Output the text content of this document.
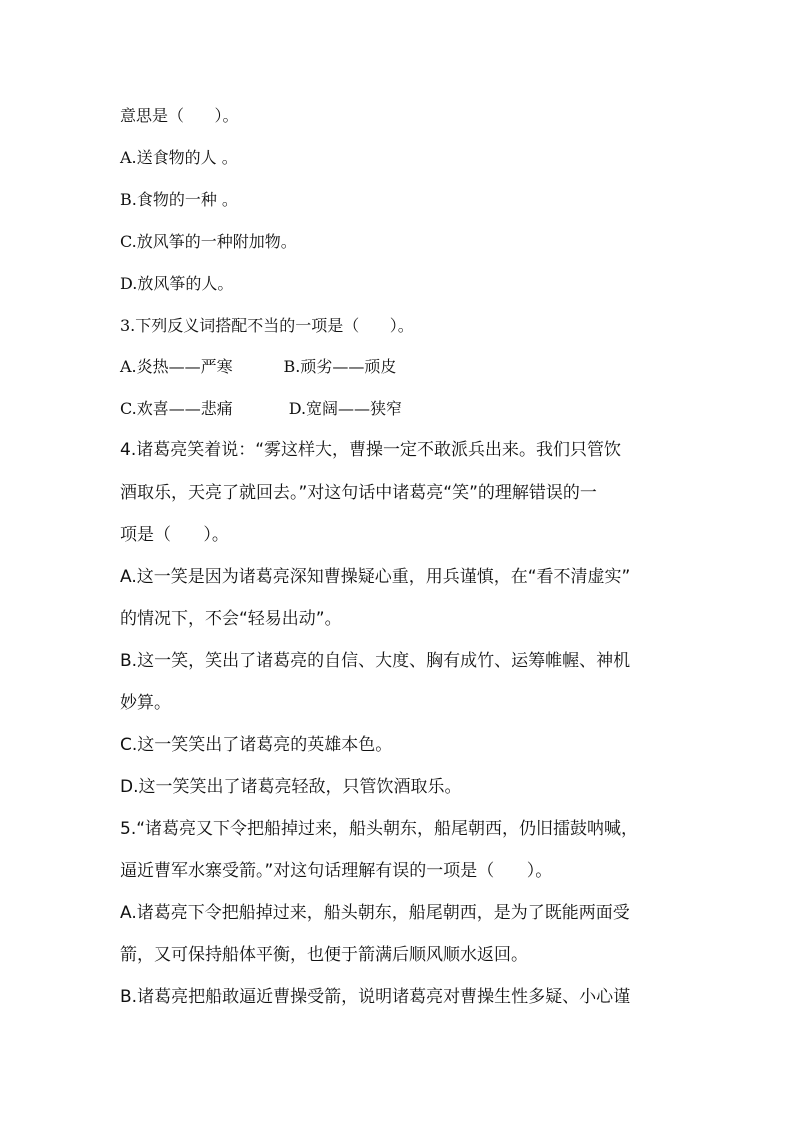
意思是（      ）。
A.送食物的人 。
B.食物的一种 。
C.放风筝的一种附加物。
D.放风筝的人。
3.下列反义词搭配不当的一项是（      ）。
A.炎热——严寒          B.顽劣——顽皮
C.欢喜——悲痛           D.宽阔——狭窄
4.诸葛亮笑着说：“雾这样大，曹操一定不敢派兵出来。我们只管饮
酒取乐，天亮了就回去。”对这句话中诸葛亮“笑”的理解错误的一
项是（      ）。
A.这一笑是因为诸葛亮深知曹操疑心重，用兵谨慎，在“看不清虚实”
的情况下，不会“轻易出动”。
B.这一笑，笑出了诸葛亮的自信、大度、胸有成竹、运筹帷幄、神机
妙算。
C.这一笑笑出了诸葛亮的英雄本色。
D.这一笑笑出了诸葛亮轻敌，只管饮酒取乐。
5.“诸葛亮又下令把船掉过来，船头朝东，船尾朝西，仍旧擂鼓呐喊，
逼近曹军水寨受箭。”对这句话理解有误的一项是（      ）。
A.诸葛亮下令把船掉过来，船头朝东，船尾朝西，是为了既能两面受
箭，又可保持船体平衡，也便于箭满后顺风顺水返回。
B.诸葛亮把船敢逼近曹操受箭，说明诸葛亮对曹操生性多疑、小心谨
